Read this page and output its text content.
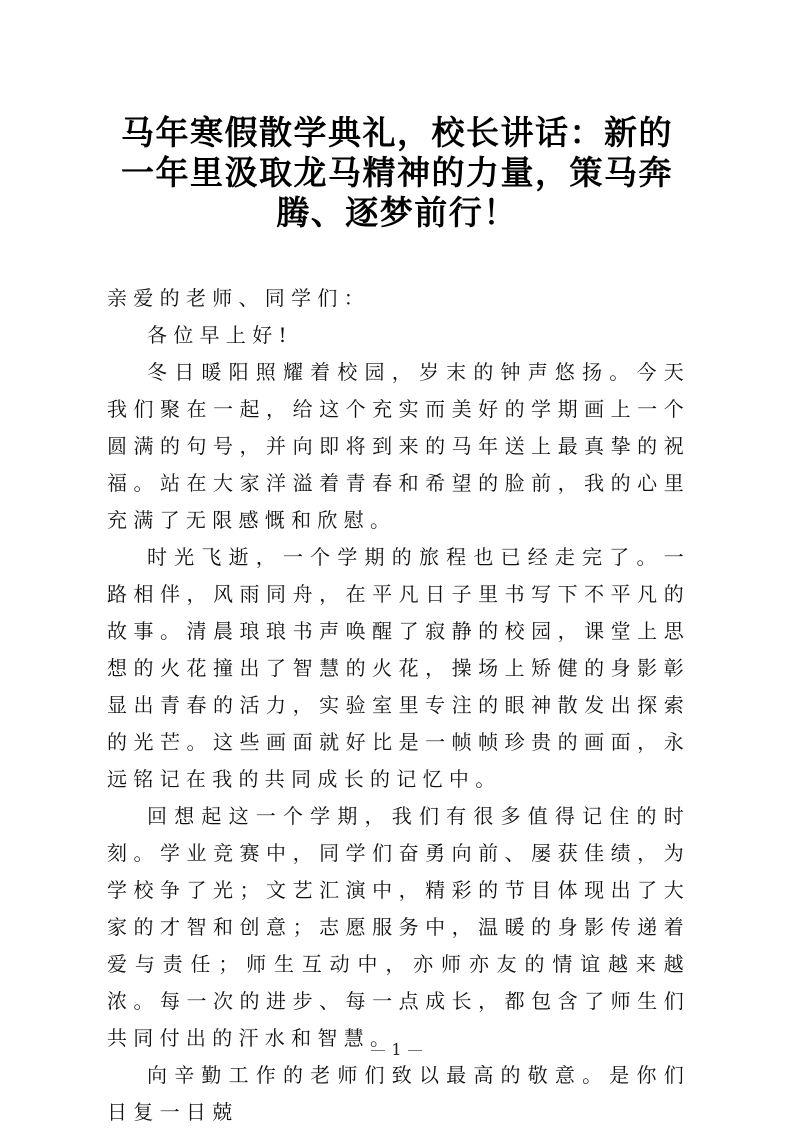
马年寒假散学典礼，校长讲话：新的一年里汲取龙马精神的力量，策马奔腾、逐梦前行！

亲爱的老师、同学们：

各位早上好!

冬日暖阳照耀着校园，岁末的钟声悠扬。今天我们聚在一起，给这个充实而美好的学期画上一个圆满的句号，并向即将到来的马年送上最真挚的祝福。站在大家洋溢着青春和希望的脸前，我的心里充满了无限感慨和欣慰。

时光飞逝，一个学期的旅程也已经走完了。一路相伴，风雨同舟，在平凡日子里书写下不平凡的故事。清晨琅琅书声唤醒了寂静的校园，课堂上思想的火花撞出了智慧的火花，操场上矫健的身影彰显出青春的活力，实验室里专注的眼神散发出探索的光芒。这些画面就好比是一帧帧珍贵的画面，永远铭记在我的共同成长的记忆中。

回想起这一个学期，我们有很多值得记住的时刻。学业竞赛中，同学们奋勇向前、屡获佳绩，为学校争了光；文艺汇演中，精彩的节目体现出了大家的才智和创意；志愿服务中，温暖的身影传递着爱与责任；师生互动中，亦师亦友的情谊越来越浓。每一次的进步、每一点成长，都包含了师生们共同付出的汗水和智慧。

向辛勤工作的老师们致以最高的敬意。是你们日复一日兢

1
